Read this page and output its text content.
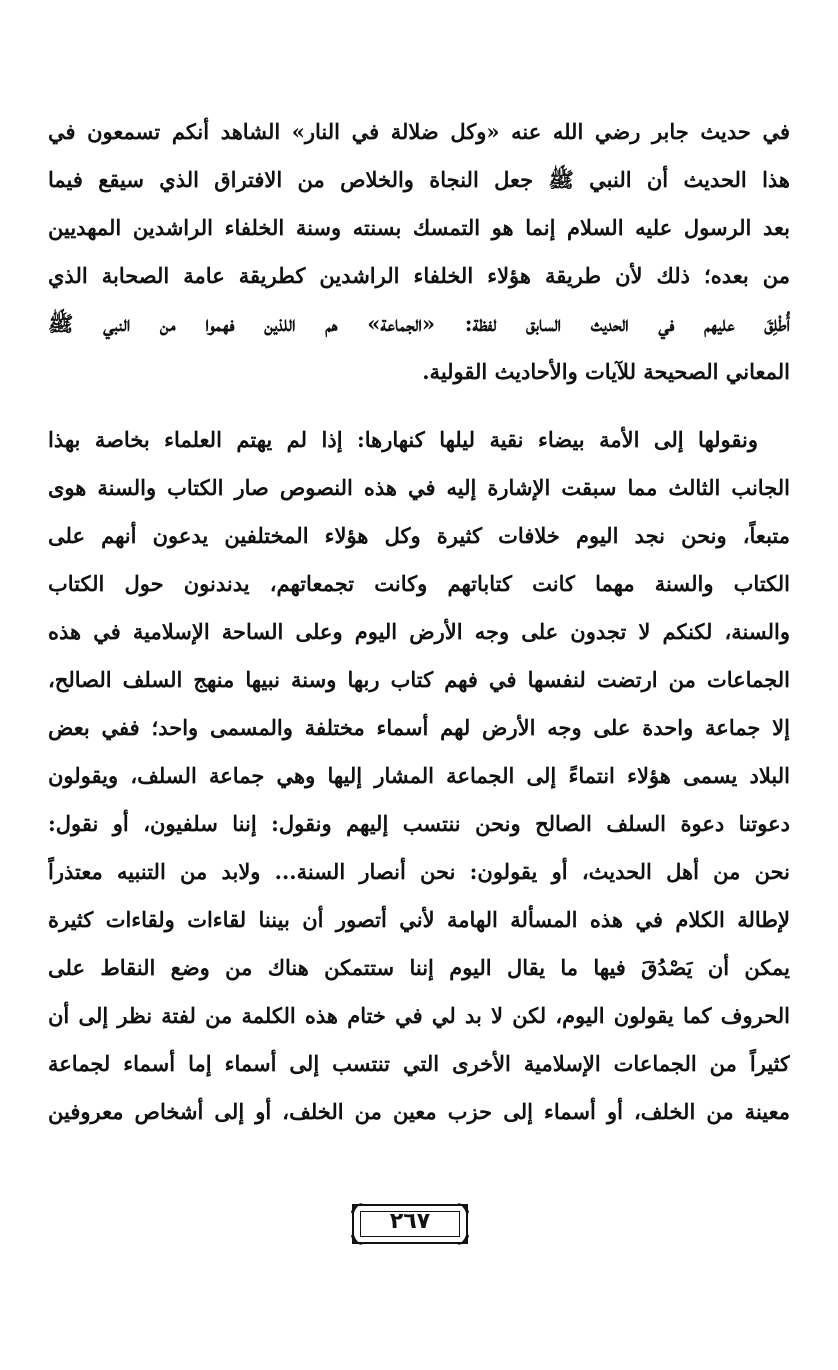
في حديث جابر رضي الله عنه «وكل ضلالة في النار» الشاهد أنكم تسمعون في
هذا الحديث أن النبي ﷺ جعل النجاة والخلاص من الافتراق الذي سيقع فيما
بعد الرسول عليه السلام إنما هو التمسك بسنته وسنة الخلفاء الراشدين المهديين
من بعده؛ ذلك لأن طريقة هؤلاء الخلفاء الراشدين كطريقة عامة الصحابة الذي
أُطْلِقَ عليهم في الحديث السابق لفظة: «الجماعة» هم اللذين فهموا من النبي ﷺ
المعاني الصحيحة للآيات والأحاديث القولية.
ونقولها إلى الأمة بيضاء نقية ليلها كنهارها: إذا لم يهتم العلماء بخاصة بهذا
الجانب الثالث مما سبقت الإشارة إليه في هذه النصوص صار الكتاب والسنة هوى
متبعاً، ونحن نجد اليوم خلافات كثيرة وكل هؤلاء المختلفين يدعون أنهم على
الكتاب والسنة مهما كانت كتاباتهم وكانت تجمعاتهم، يدندنون حول الكتاب
والسنة، لكنكم لا تجدون على وجه الأرض اليوم وعلى الساحة الإسلامية في هذه
الجماعات من ارتضت لنفسها في فهم كتاب ربها وسنة نبيها منهج السلف الصالح،
إلا جماعة واحدة على وجه الأرض لهم أسماء مختلفة والمسمى واحد؛ ففي بعض
البلاد يسمى هؤلاء انتماءً إلى الجماعة المشار إليها وهي جماعة السلف، ويقولون
دعوتنا دعوة السلف الصالح ونحن ننتسب إليهم ونقول: إننا سلفيون، أو نقول:
نحن من أهل الحديث، أو يقولون: نحن أنصار السنة... ولابد من التنبيه معتذراً
لإطالة الكلام في هذه المسألة الهامة لأني أتصور أن بيننا لقاءات ولقاءات كثيرة
يمكن أن يَصْدُقَ فيها ما يقال اليوم إننا ستتمكن هناك من وضع النقاط على
الحروف كما يقولون اليوم، لكن لا بد لي في ختام هذه الكلمة من لفتة نظر إلى أن
كثيراً من الجماعات الإسلامية الأخرى التي تنتسب إلى أسماء إما أسماء لجماعة
معينة من الخلف، أو أسماء إلى حزب معين من الخلف، أو إلى أشخاص معروفين
٢٦٧
